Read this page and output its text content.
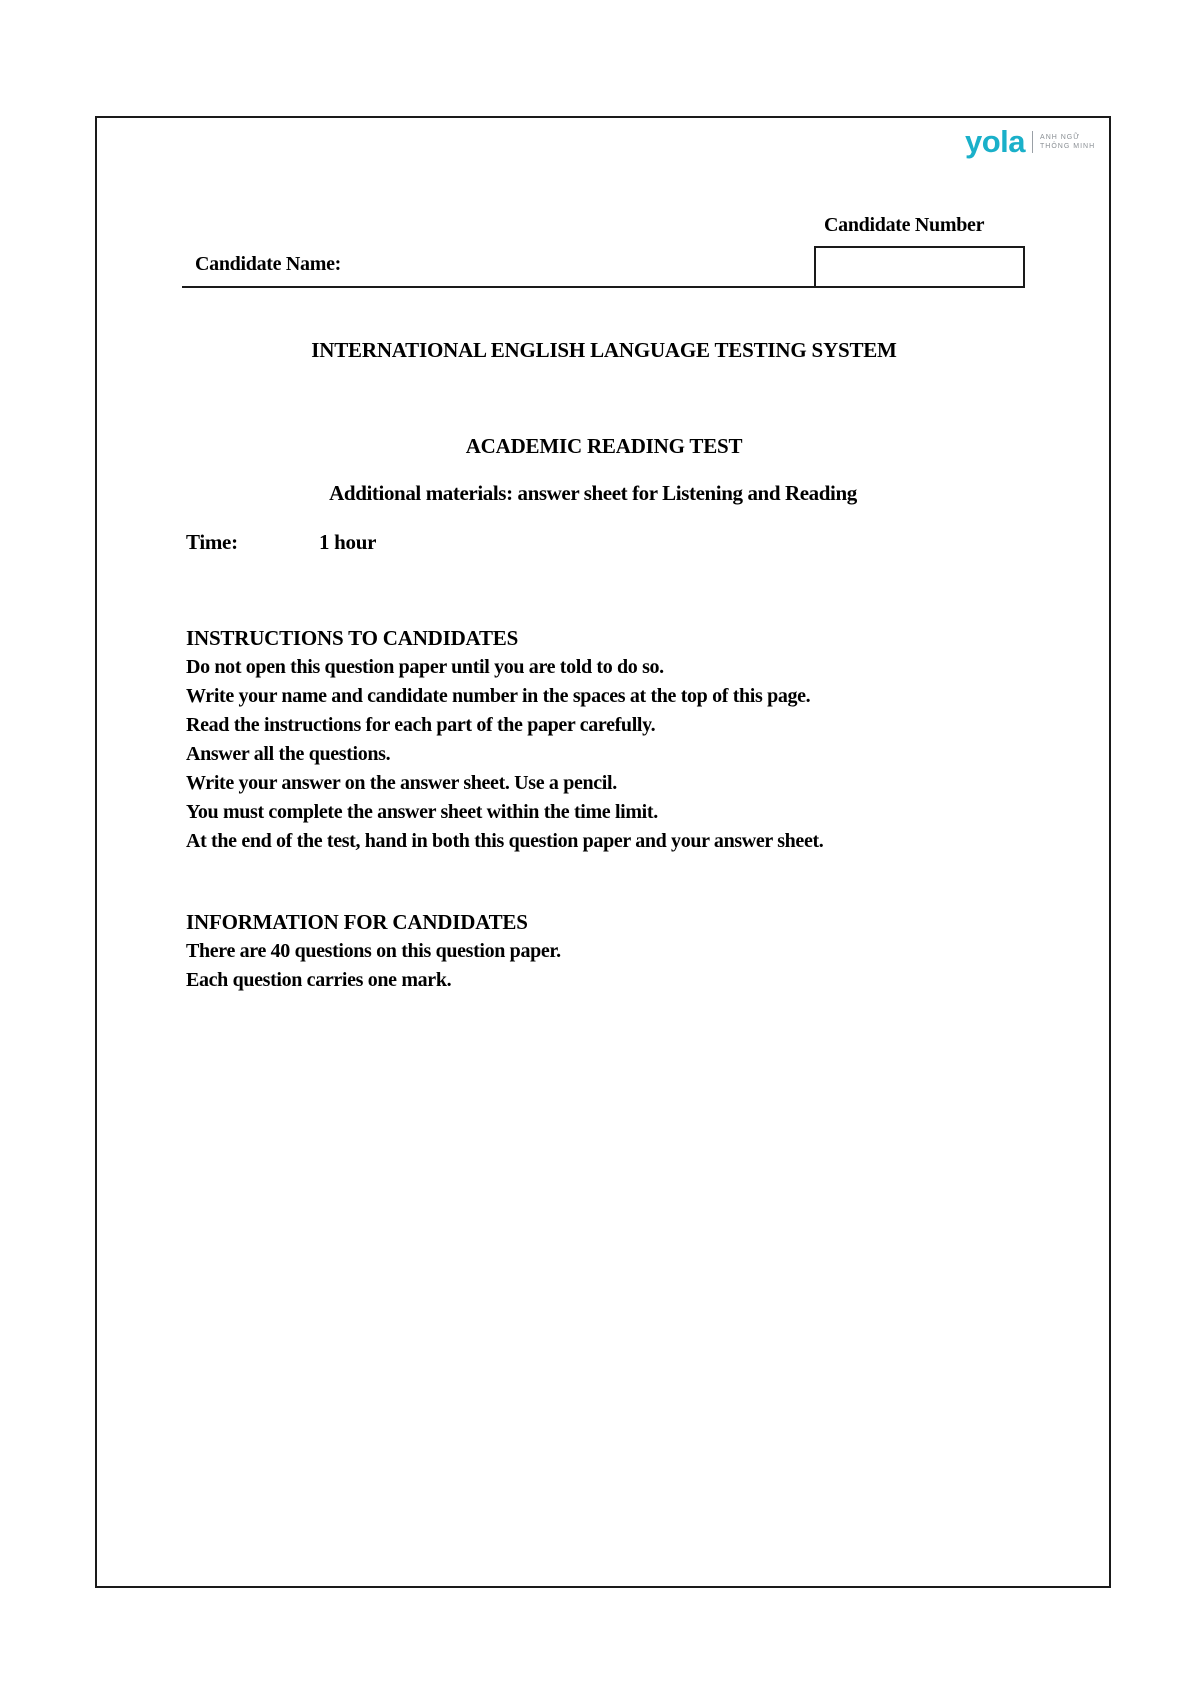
yola ANH NGỮ
THÔNG MINH
Candidate Number
Candidate Name:
INTERNATIONAL ENGLISH LANGUAGE TESTING SYSTEM
ACADEMIC READING TEST
Additional materials: answer sheet for Listening and Reading
Time:	1 hour
INSTRUCTIONS TO CANDIDATES
Do not open this question paper until you are told to do so.
Write your name and candidate number in the spaces at the top of this page.
Read the instructions for each part of the paper carefully.
Answer all the questions.
Write your answer on the answer sheet. Use a pencil.
You must complete the answer sheet within the time limit.
At the end of the test, hand in both this question paper and your answer sheet.
INFORMATION FOR CANDIDATES
There are 40 questions on this question paper.
Each question carries one mark.
